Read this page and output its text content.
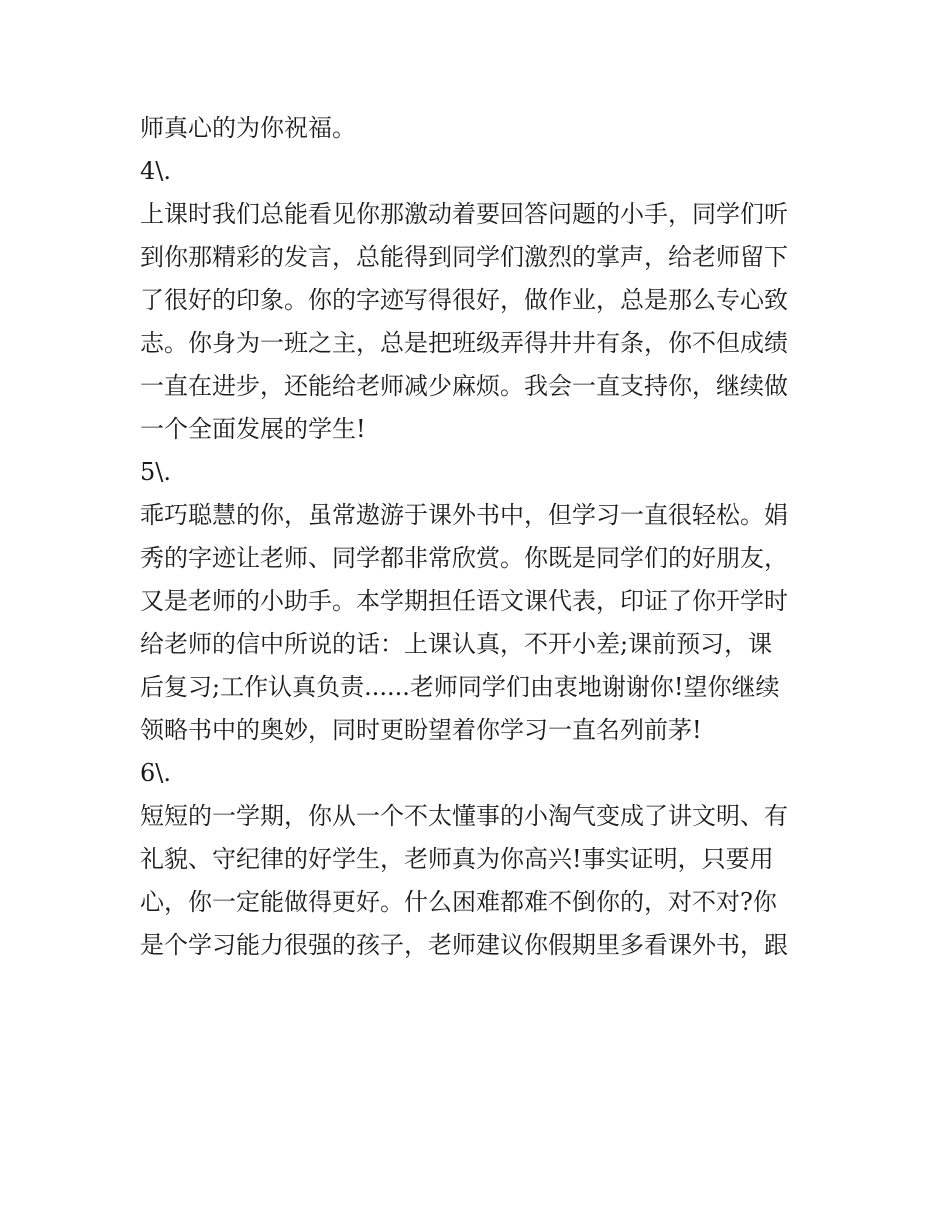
师真心的为你祝福。
4\.
上课时我们总能看见你那激动着要回答问题的小手，同学们听
到你那精彩的发言，总能得到同学们激烈的掌声，给老师留下
了很好的印象。你的字迹写得很好，做作业，总是那么专心致
志。你身为一班之主，总是把班级弄得井井有条，你不但成绩
一直在进步，还能给老师减少麻烦。我会一直支持你，继续做
一个全面发展的学生!
5\.
乖巧聪慧的你，虽常遨游于课外书中，但学习一直很轻松。娟
秀的字迹让老师、同学都非常欣赏。你既是同学们的好朋友，
又是老师的小助手。本学期担任语文课代表，印证了你开学时
给老师的信中所说的话：上课认真，不开小差;课前预习，课
后复习;工作认真负责......老师同学们由衷地谢谢你!望你继续
领略书中的奥妙，同时更盼望着你学习一直名列前茅!
6\.
短短的一学期，你从一个不太懂事的小淘气变成了讲文明、有
礼貌、守纪律的好学生，老师真为你高兴!事实证明，只要用
心，你一定能做得更好。什么困难都难不倒你的，对不对?你
是个学习能力很强的孩子，老师建议你假期里多看课外书，跟
